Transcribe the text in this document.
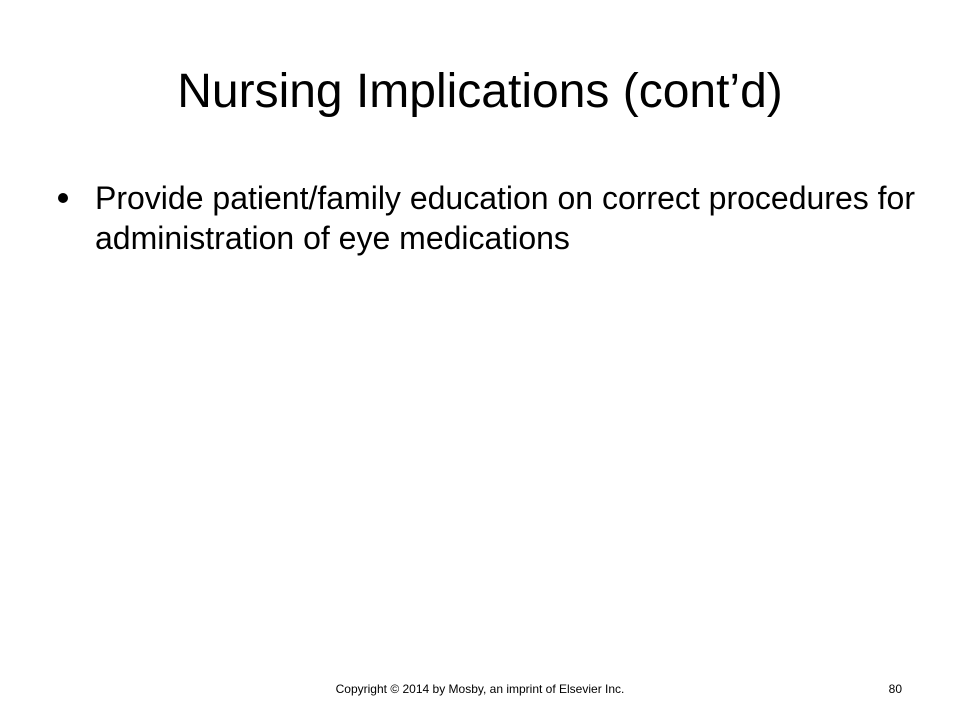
Nursing Implications (cont’d)
Provide patient/family education on correct procedures for administration of eye medications
Copyright © 2014 by Mosby, an imprint of Elsevier Inc.	80
